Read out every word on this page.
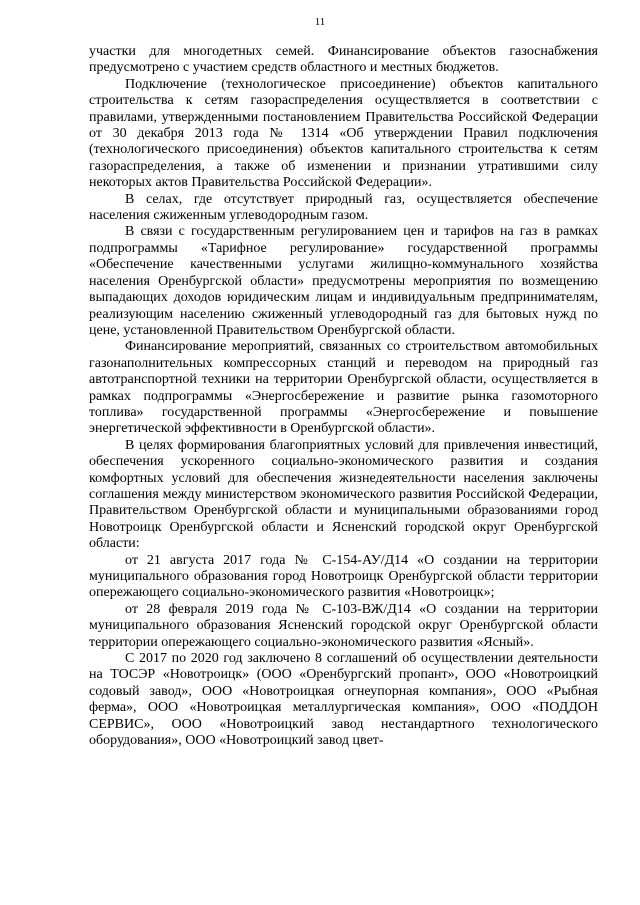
11

участки для многодетных семей. Финансирование объектов газоснабжения предусмотрено с участием средств областного и местных бюджетов.

Подключение (технологическое присоединение) объектов капитального строительства к сетям газораспределения осуществляется в соответствии с правилами, утвержденными постановлением Правительства Российской Федерации от 30 декабря 2013 года № 1314 «Об утверждении Правил подключения (технологического присоединения) объектов капитального строительства к сетям газораспределения, а также об изменении и признании утратившими силу некоторых актов Правительства Российской Федерации».

В селах, где отсутствует природный газ, осуществляется обеспечение населения сжиженным углеводородным газом.

В связи с государственным регулированием цен и тарифов на газ в рамках подпрограммы «Тарифное регулирование» государственной программы «Обеспечение качественными услугами жилищно-коммунального хозяйства населения Оренбургской области» предусмотрены мероприятия по возмещению выпадающих доходов юридическим лицам и индивидуальным предпринимателям, реализующим населению сжиженный углеводородный газ для бытовых нужд по цене, установленной Правительством Оренбургской области.

Финансирование мероприятий, связанных со строительством автомобильных газонаполнительных компрессорных станций и переводом на природный газ автотранспортной техники на территории Оренбургской области, осуществляется в рамках подпрограммы «Энергосбережение и развитие рынка газомоторного топлива» государственной программы «Энергосбережение и повышение энергетической эффективности в Оренбургской области».

В целях формирования благоприятных условий для привлечения инвестиций, обеспечения ускоренного социально-экономического развития и создания комфортных условий для обеспечения жизнедеятельности населения заключены соглашения между министерством экономического развития Российской Федерации, Правительством Оренбургской области и муниципальными образованиями город Новотроицк Оренбургской области и Ясненский городской округ Оренбургской области:

от 21 августа 2017 года № С-154-АУ/Д14 «О создании на территории муниципального образования город Новотроицк Оренбургской области территории опережающего социально-экономического развития «Новотроицк»;

от 28 февраля 2019 года № С-103-ВЖ/Д14 «О создании на территории муниципального образования Ясненский городской округ Оренбургской области территории опережающего социально-экономического развития «Ясный».

С 2017 по 2020 год заключено 8 соглашений об осуществлении деятельности на ТОСЭР «Новотроицк» (ООО «Оренбургский пропант», ООО «Новотроицкий содовый завод», ООО «Новотроицкая огнеупорная компания», ООО «Рыбная ферма», ООО «Новотроицкая металлургическая компания», ООО «ПОДДОН СЕРВИС», ООО «Новотроицкий завод нестандартного технологического оборудования», ООО «Новотроицкий завод цвет-
